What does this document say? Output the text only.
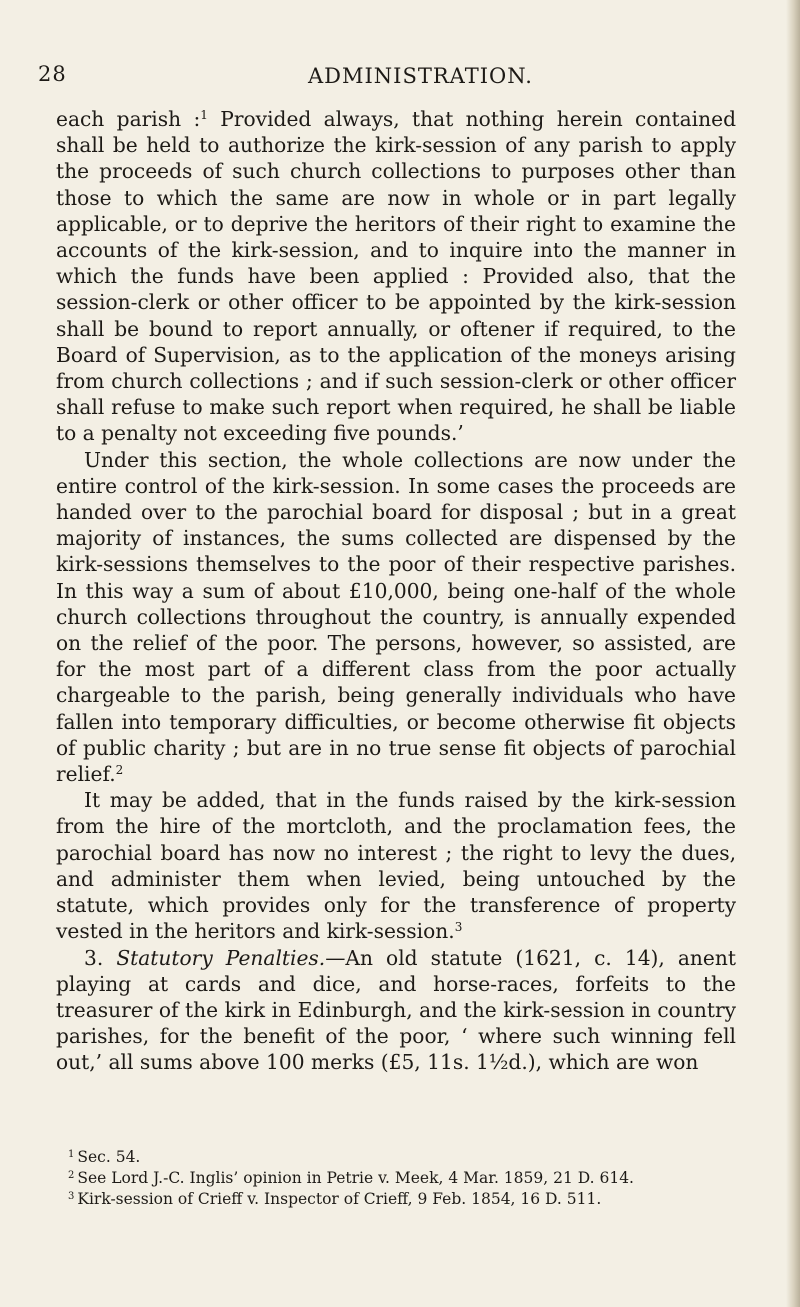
28	ADMINISTRATION.

each parish :$^1$ Provided always, that nothing herein contained shall be held to authorize the kirk-session of any parish to apply the proceeds of such church collections to purposes other than those to which the same are now in whole or in part legally applicable, or to deprive the heritors of their right to examine the accounts of the kirk-session, and to inquire into the manner in which the funds have been applied : Provided also, that the session-clerk or other officer to be appointed by the kirk-session shall be bound to report annually, or oftener if required, to the Board of Supervision, as to the application of the moneys arising from church collections ; and if such session-clerk or other officer shall refuse to make such report when required, he shall be liable to a penalty not exceeding five pounds.’

Under this section, the whole collections are now under the entire control of the kirk-session. In some cases the proceeds are handed over to the parochial board for disposal ; but in a great majority of instances, the sums collected are dispensed by the kirk-sessions themselves to the poor of their respective parishes. In this way a sum of about £10,000, being one-half of the whole church collections throughout the country, is annually expended on the relief of the poor. The persons, however, so assisted, are for the most part of a different class from the poor actually chargeable to the parish, being generally individuals who have fallen into temporary difficulties, or become otherwise fit objects of public charity ; but are in no true sense fit objects of parochial relief.$^2$

It may be added, that in the funds raised by the kirk-session from the hire of the mortcloth, and the proclamation fees, the parochial board has now no interest ; the right to levy the dues, and administer them when levied, being untouched by the statute, which provides only for the transference of property vested in the heritors and kirk-session.$^3$

3. Statutory Penalties.—An old statute (1621, c. 14), anent playing at cards and dice, and horse-races, forfeits to the treasurer of the kirk in Edinburgh, and the kirk-session in country parishes, for the benefit of the poor, ‘ where such winning fell out,’ all sums above 100 merks (£5, 11s. 1½d.), which are won

$^1$ Sec. 54.

$^2$ See Lord J.-C. Inglis’ opinion in Petrie v. Meek, 4 Mar. 1859, 21 D. 614.

$^3$ Kirk-session of Crieff v. Inspector of Crieff, 9 Feb. 1854, 16 D. 511.
